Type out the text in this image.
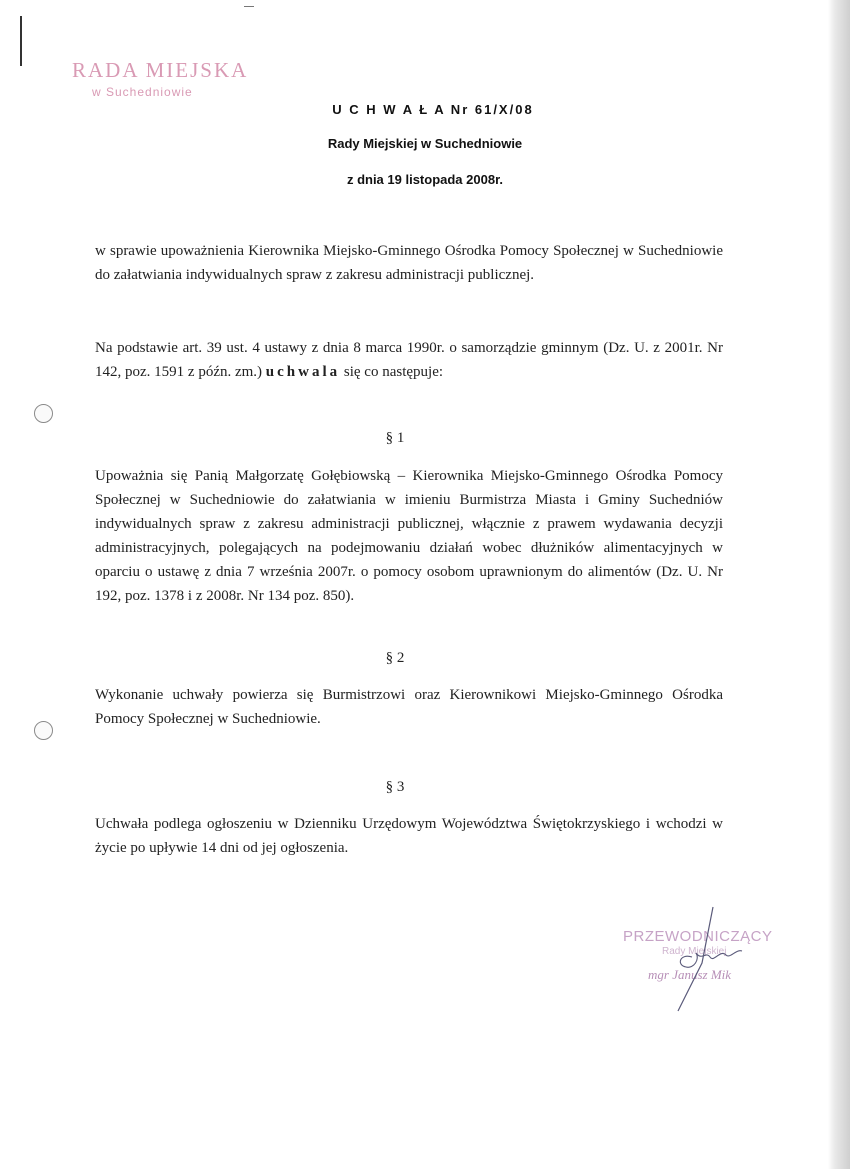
RADA MIEJSKA
w Suchedniowie
U C H W A Ł A Nr 61/X/08
Rady Miejskiej w Suchedniowie
z dnia 19 listopada 2008r.

w sprawie upoważnienia Kierownika Miejsko-Gminnego Ośrodka Pomocy Społecznej w Suchedniowie do załatwiania indywidualnych spraw z zakresu administracji publicznej.

Na podstawie art. 39 ust. 4 ustawy z dnia 8 marca 1990r. o samorządzie gminnym (Dz. U. z 2001r. Nr 142, poz. 1591 z późn. zm.) uchwala się co następuje:

§ 1

Upoważnia się Panią Małgorzatę Gołębiowską – Kierownika Miejsko-Gminnego Ośrodka Pomocy Społecznej w Suchedniowie do załatwiania w imieniu Burmistrza Miasta i Gminy Suchedniów indywidualnych spraw z zakresu administracji publicznej, włącznie z prawem wydawania decyzji administracyjnych, polegających na podejmowaniu działań wobec dłużników alimentacyjnych w oparciu o ustawę z dnia 7 września 2007r. o pomocy osobom uprawnionym do alimentów (Dz. U. Nr 192, poz. 1378 i z 2008r. Nr 134 poz. 850).

§ 2

Wykonanie uchwały powierza się Burmistrzowi oraz Kierownikowi Miejsko-Gminnego Ośrodka Pomocy Społecznej w Suchedniowie.

§ 3

Uchwała podlega ogłoszeniu w Dzienniku Urzędowym Województwa Świętokrzyskiego i wchodzi w życie po upływie 14 dni od jej ogłoszenia.

PRZEWODNICZĄCY
Rady Miejskiej
mgr Janusz Mik
